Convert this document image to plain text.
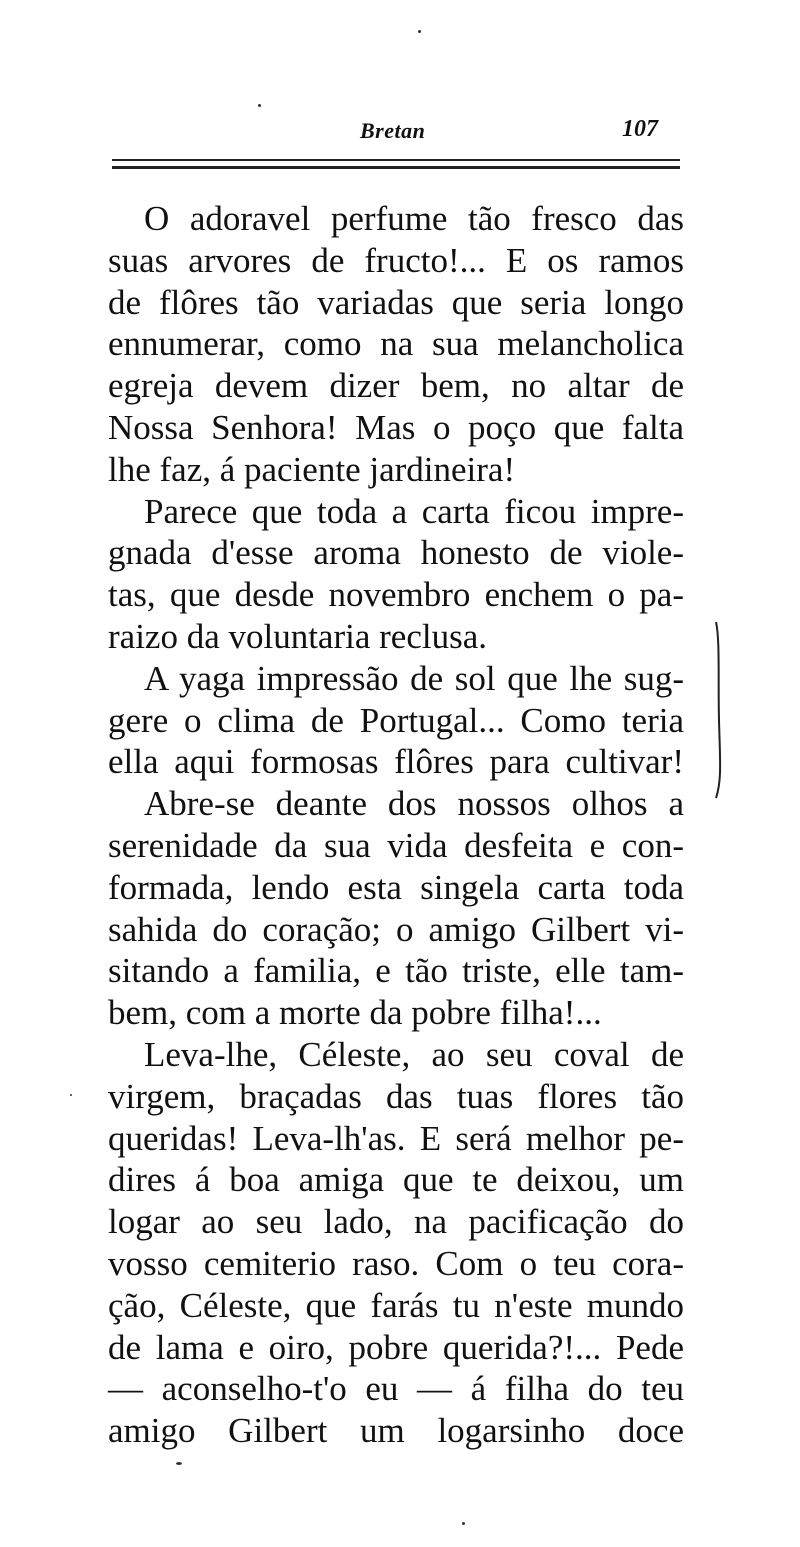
Bretan	107
O adoravel perfume tão fresco das
suas arvores de fructo!... E os ramos
de flôres tão variadas que seria longo
ennumerar, como na sua melancholica
egreja devem dizer bem, no altar de
Nossa Senhora! Mas o poço que falta
lhe faz, á paciente jardineira!
Parece que toda a carta ficou impre-
gnada d'esse aroma honesto de viole-
tas, que desde novembro enchem o pa-
raizo da voluntaria reclusa.
A yaga impressão de sol que lhe sug-
gere o clima de Portugal... Como teria
ella aqui formosas flôres para cultivar!
Abre-se deante dos nossos olhos a
serenidade da sua vida desfeita e con-
formada, lendo esta singela carta toda
sahida do coração; o amigo Gilbert vi-
sitando a familia, e tão triste, elle tam-
bem, com a morte da pobre filha!...
Leva-lhe, Céleste, ao seu coval de
virgem, braçadas das tuas flores tão
queridas! Leva-lh'as. E será melhor pe-
dires á boa amiga que te deixou, um
logar ao seu lado, na pacificação do
vosso cemiterio raso. Com o teu cora-
ção, Céleste, que farás tu n'este mundo
de lama e oiro, pobre querida?!... Pede
— aconselho-t'o eu — á filha do teu
amigo Gilbert um logarsinho doce
